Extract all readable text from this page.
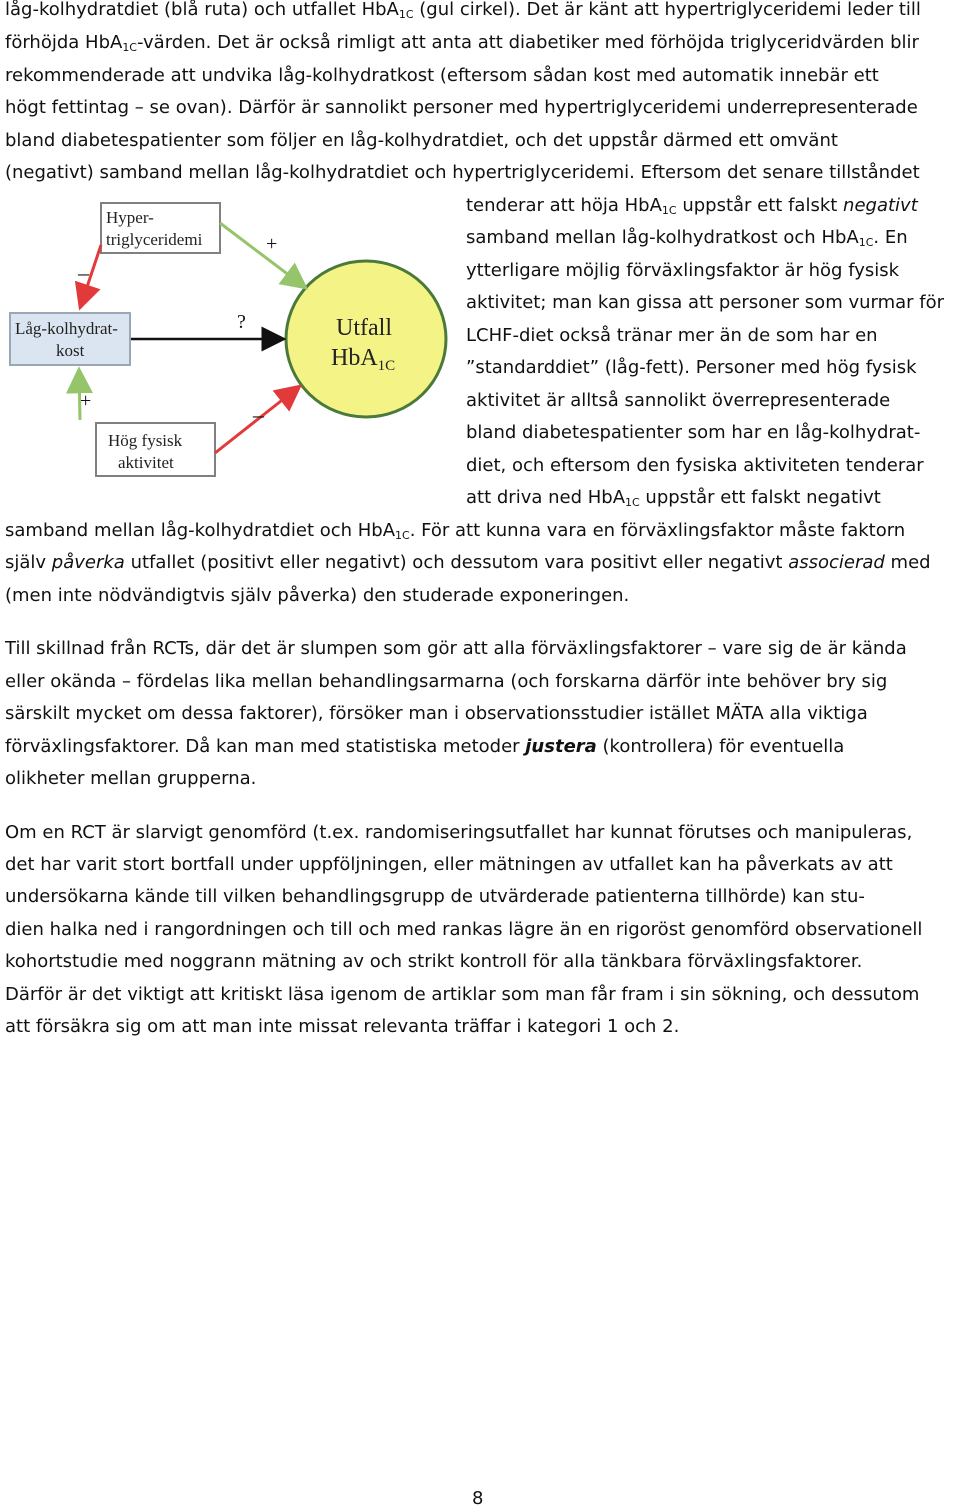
låg-kolhydratdiet (blå ruta) och utfallet HbA$_{1C}$ (gul cirkel). Det är känt att hypertriglyceridemi leder till
förhöjda HbA$_{1C}$-värden. Det är också rimligt att anta att diabetiker med förhöjda triglyceridvärden blir
rekommenderade att undvika låg-kolhydratkost (eftersom sådan kost med automatik innebär ett
högt fettintag – se ovan). Därför är sannolikt personer med hypertriglyceridemi underrepresenterade
bland diabetespatienter som följer en låg-kolhydratdiet, och det uppstår därmed ett omvänt
(negativt) samband mellan låg-kolhydratdiet och hypertriglyceridemi. Eftersom det senare tillståndet
tenderar att höja HbA$_{1C}$ uppstår ett falskt negativt
samband mellan låg-kolhydratkost och HbA$_{1C}$. En
ytterligare möjlig förväxlingsfaktor är hög fysisk
aktivitet; man kan gissa att personer som vurmar för
LCHF-diet också tränar mer än de som har en
”standarddiet” (låg-fett). Personer med hög fysisk
aktivitet är alltså sannolikt överrepresenterade
bland diabetespatienter som har en låg-kolhydrat-
diet, och eftersom den fysiska aktiviteten tenderar
att driva ned HbA$_{1C}$ uppstår ett falskt negativt
samband mellan låg-kolhydratdiet och HbA$_{1C}$. För att kunna vara en förväxlingsfaktor måste faktorn
själv påverka utfallet (positivt eller negativt) och dessutom vara positivt eller negativt associerad med
(men inte nödvändigtvis själv påverka) den studerade exponeringen.
Till skillnad från RCTs, där det är slumpen som gör att alla förväxlingsfaktorer – vare sig de är kända
eller okända – fördelas lika mellan behandlingsarmarna (och forskarna därför inte behöver bry sig
särskilt mycket om dessa faktorer), försöker man i observationsstudier istället MÄTA alla viktiga
förväxlingsfaktorer. Då kan man med statistiska metoder justera (kontrollera) för eventuella
olikheter mellan grupperna.
Om en RCT är slarvigt genomförd (t.ex. randomiseringsutfallet har kunnat förutses och manipuleras,
det har varit stort bortfall under uppföljningen, eller mätningen av utfallet kan ha påverkats av att
undersökarna kände till vilken behandlingsgrupp de utvärderade patienterna tillhörde) kan stu-
dien halka ned i rangordningen och till och med rankas lägre än en rigoröst genomförd observationell
kohortstudie med noggrann mätning av och strikt kontroll för alla tänkbara förväxlingsfaktorer.
Därför är det viktigt att kritiskt läsa igenom de artiklar som man får fram i sin sökning, och dessutom
att försäkra sig om att man inte missat relevanta träffar i kategori 1 och 2.
8
Hyper-
triglyceridemi
Låg-kolhydrat-
kost
Hög fysisk
aktivitet
Utfall
HbA$_{1C}$
–
+
+
–
?
